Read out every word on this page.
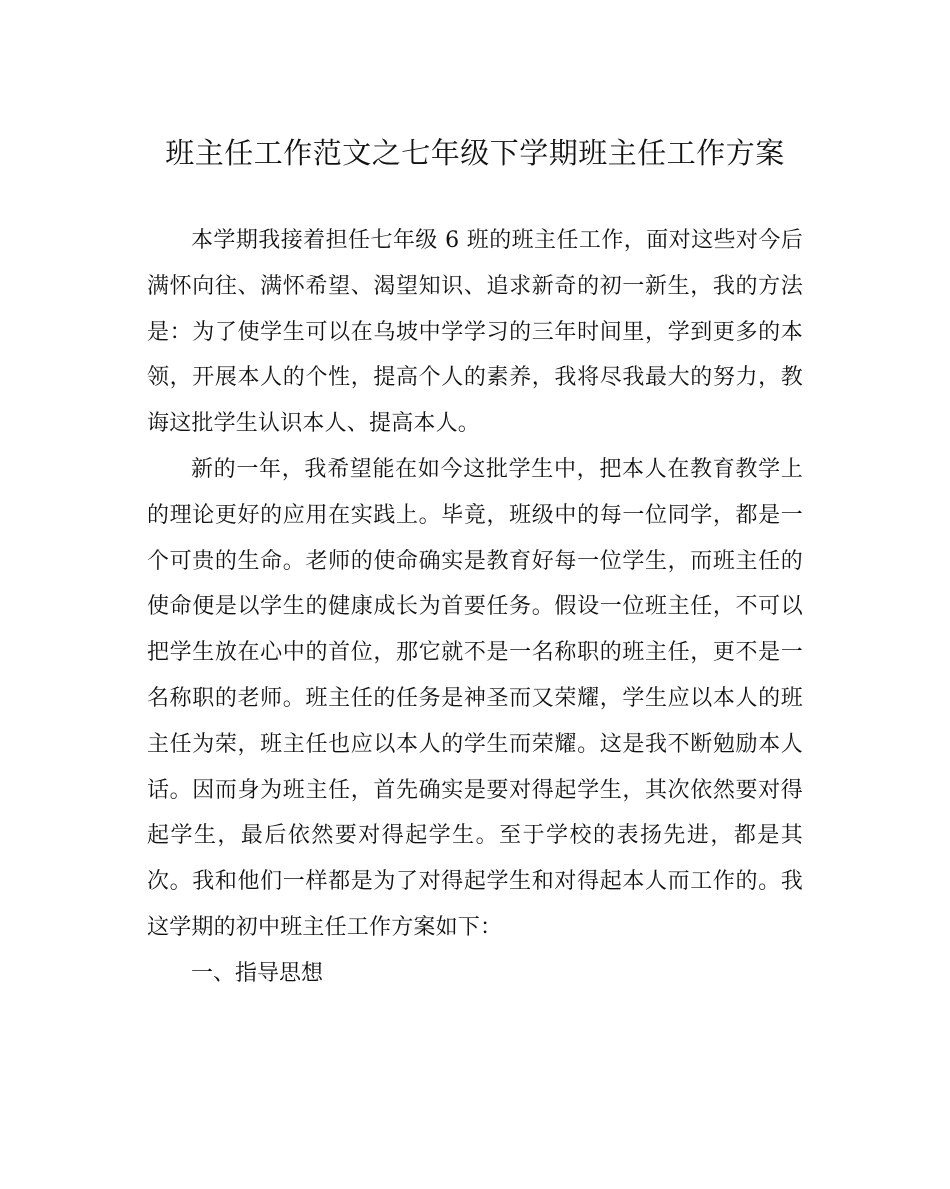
班主任工作范文之七年级下学期班主任工作方案

本学期我接着担任七年级 6 班的班主任工作，面对这些对今后满怀向往、满怀希望、渴望知识、追求新奇的初一新生，我的方法是：为了使学生可以在乌坡中学学习的三年时间里，学到更多的本领，开展本人的个性，提高个人的素养，我将尽我最大的努力，教诲这批学生认识本人、提高本人。

新的一年，我希望能在如今这批学生中，把本人在教育教学上的理论更好的应用在实践上。毕竟，班级中的每一位同学，都是一个可贵的生命。老师的使命确实是教育好每一位学生，而班主任的使命便是以学生的健康成长为首要任务。假设一位班主任，不可以把学生放在心中的首位，那它就不是一名称职的班主任，更不是一名称职的老师。班主任的任务是神圣而又荣耀，学生应以本人的班主任为荣，班主任也应以本人的学生而荣耀。这是我不断勉励本人话。因而身为班主任，首先确实是要对得起学生，其次依然要对得起学生，最后依然要对得起学生。至于学校的表扬先进，都是其次。我和他们一样都是为了对得起学生和对得起本人而工作的。我这学期的初中班主任工作方案如下：

一、指导思想
